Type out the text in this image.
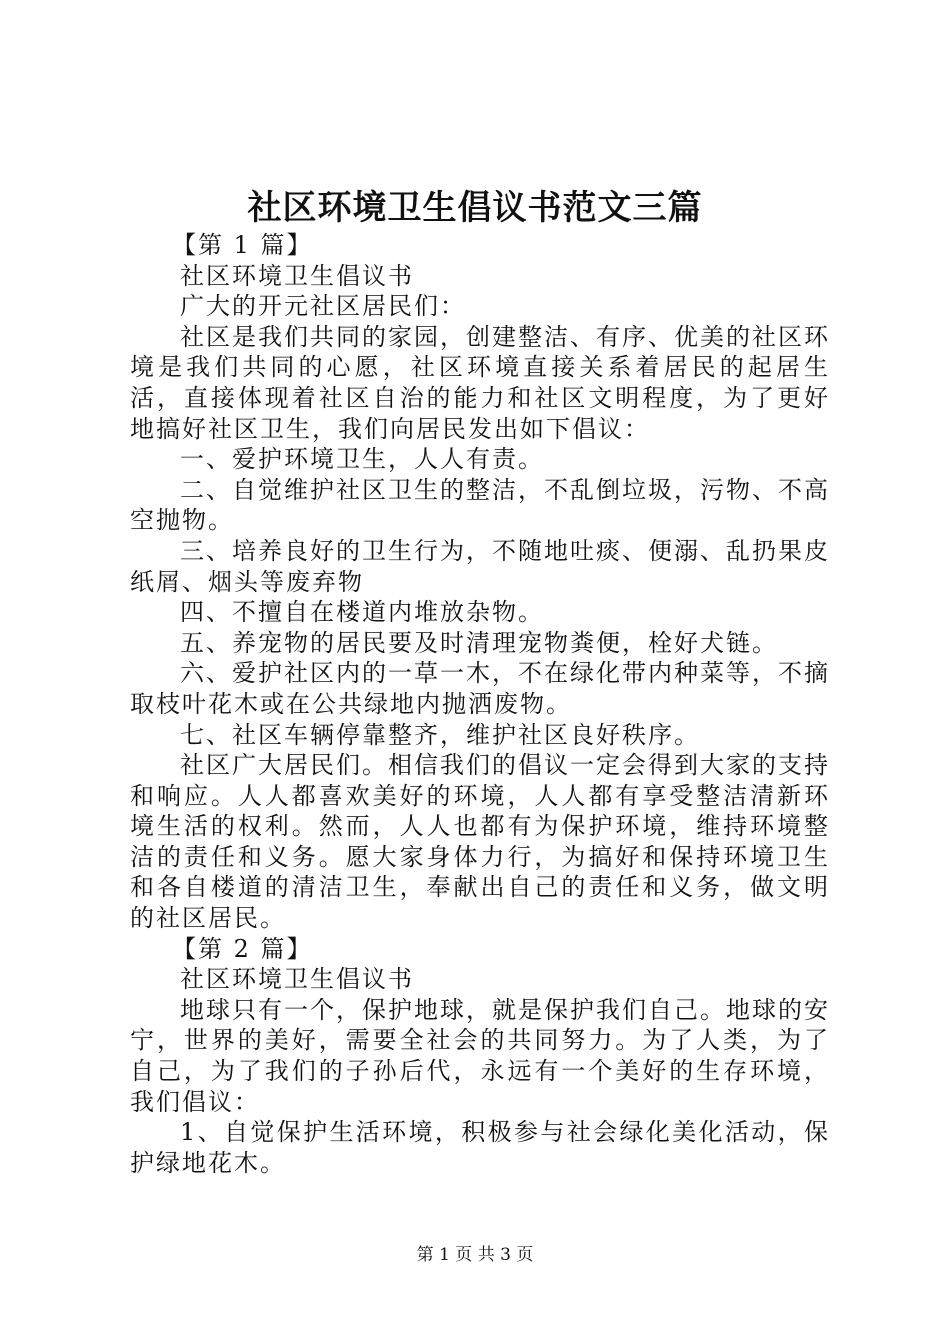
社区环境卫生倡议书范文三篇

【第 1 篇】

社区环境卫生倡议书

广大的开元社区居民们：

社区是我们共同的家园，创建整洁、有序、优美的社区环境是我们共同的心愿，社区环境直接关系着居民的起居生活，直接体现着社区自治的能力和社区文明程度，为了更好地搞好社区卫生，我们向居民发出如下倡议：

一、爱护环境卫生，人人有责。

二、自觉维护社区卫生的整洁，不乱倒垃圾，污物、不高空抛物。

三、培养良好的卫生行为，不随地吐痰、便溺、乱扔果皮纸屑、烟头等废弃物

四、不擅自在楼道内堆放杂物。

五、养宠物的居民要及时清理宠物粪便，栓好犬链。

六、爱护社区内的一草一木，不在绿化带内种菜等，不摘取枝叶花木或在公共绿地内抛洒废物。

七、社区车辆停靠整齐，维护社区良好秩序。

社区广大居民们。相信我们的倡议一定会得到大家的支持和响应。人人都喜欢美好的环境，人人都有享受整洁清新环境生活的权利。然而，人人也都有为保护环境，维持环境整洁的责任和义务。愿大家身体力行，为搞好和保持环境卫生和各自楼道的清洁卫生，奉献出自己的责任和义务，做文明的社区居民。

【第 2 篇】

社区环境卫生倡议书

地球只有一个，保护地球，就是保护我们自己。地球的安宁，世界的美好，需要全社会的共同努力。为了人类，为了自己，为了我们的子孙后代，永远有一个美好的生存环境，我们倡议：

1、自觉保护生活环境，积极参与社会绿化美化活动，保护绿地花木。

第 1 页 共 3 页
